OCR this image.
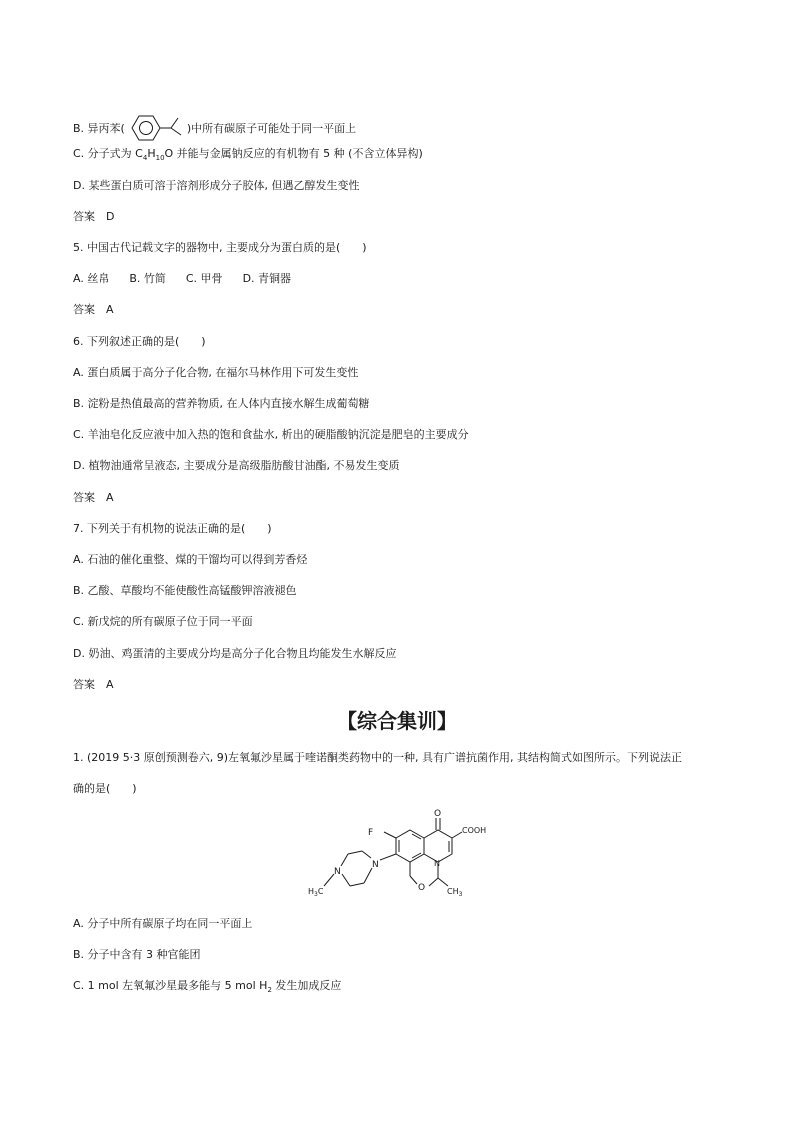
B. 异丙苯(	)中所有碳原子可能处于同一平面上
C. 分子式为 $C_4H_{10}O$ 并能与金属钠反应的有机物有 5 种 (不含立体异构)
D. 某些蛋白质可溶于溶剂形成分子胶体, 但遇乙醇发生变性
答案　D
5. 中国古代记载文字的器物中, 主要成分为蛋白质的是(　　)
A. 丝帛 B. 竹简 C. 甲骨 D. 青铜器
答案　A
6. 下列叙述正确的是(　　)
A. 蛋白质属于高分子化合物, 在福尔马林作用下可发生变性
B. 淀粉是热值最高的营养物质, 在人体内直接水解生成葡萄糖
C. 羊油皂化反应液中加入热的饱和食盐水, 析出的硬脂酸钠沉淀是肥皂的主要成分
D. 植物油通常呈液态, 主要成分是高级脂肪酸甘油酯, 不易发生变质
答案　A
7. 下列关于有机物的说法正确的是(　　)
A. 石油的催化重整、煤的干馏均可以得到芳香烃
B. 乙酸、草酸均不能使酸性高锰酸钾溶液褪色
C. 新戊烷的所有碳原子位于同一平面
D. 奶油、鸡蛋清的主要成分均是高分子化合物且均能发生水解反应
答案　A
【综合集训】
1. (2019 5·3 原创预测卷六, 9)左氧氟沙星属于喹诺酮类药物中的一种, 具有广谱抗菌作用, 其结构简式如图所示。下列说法正
确的是(　　)
F
O
COOH
N
N
N
O
$H_3C$	$CH_3$
A. 分子中所有碳原子均在同一平面上
B. 分子中含有 3 种官能团
C. 1 mol 左氧氟沙星最多能与 5 mol $H_2$ 发生加成反应
